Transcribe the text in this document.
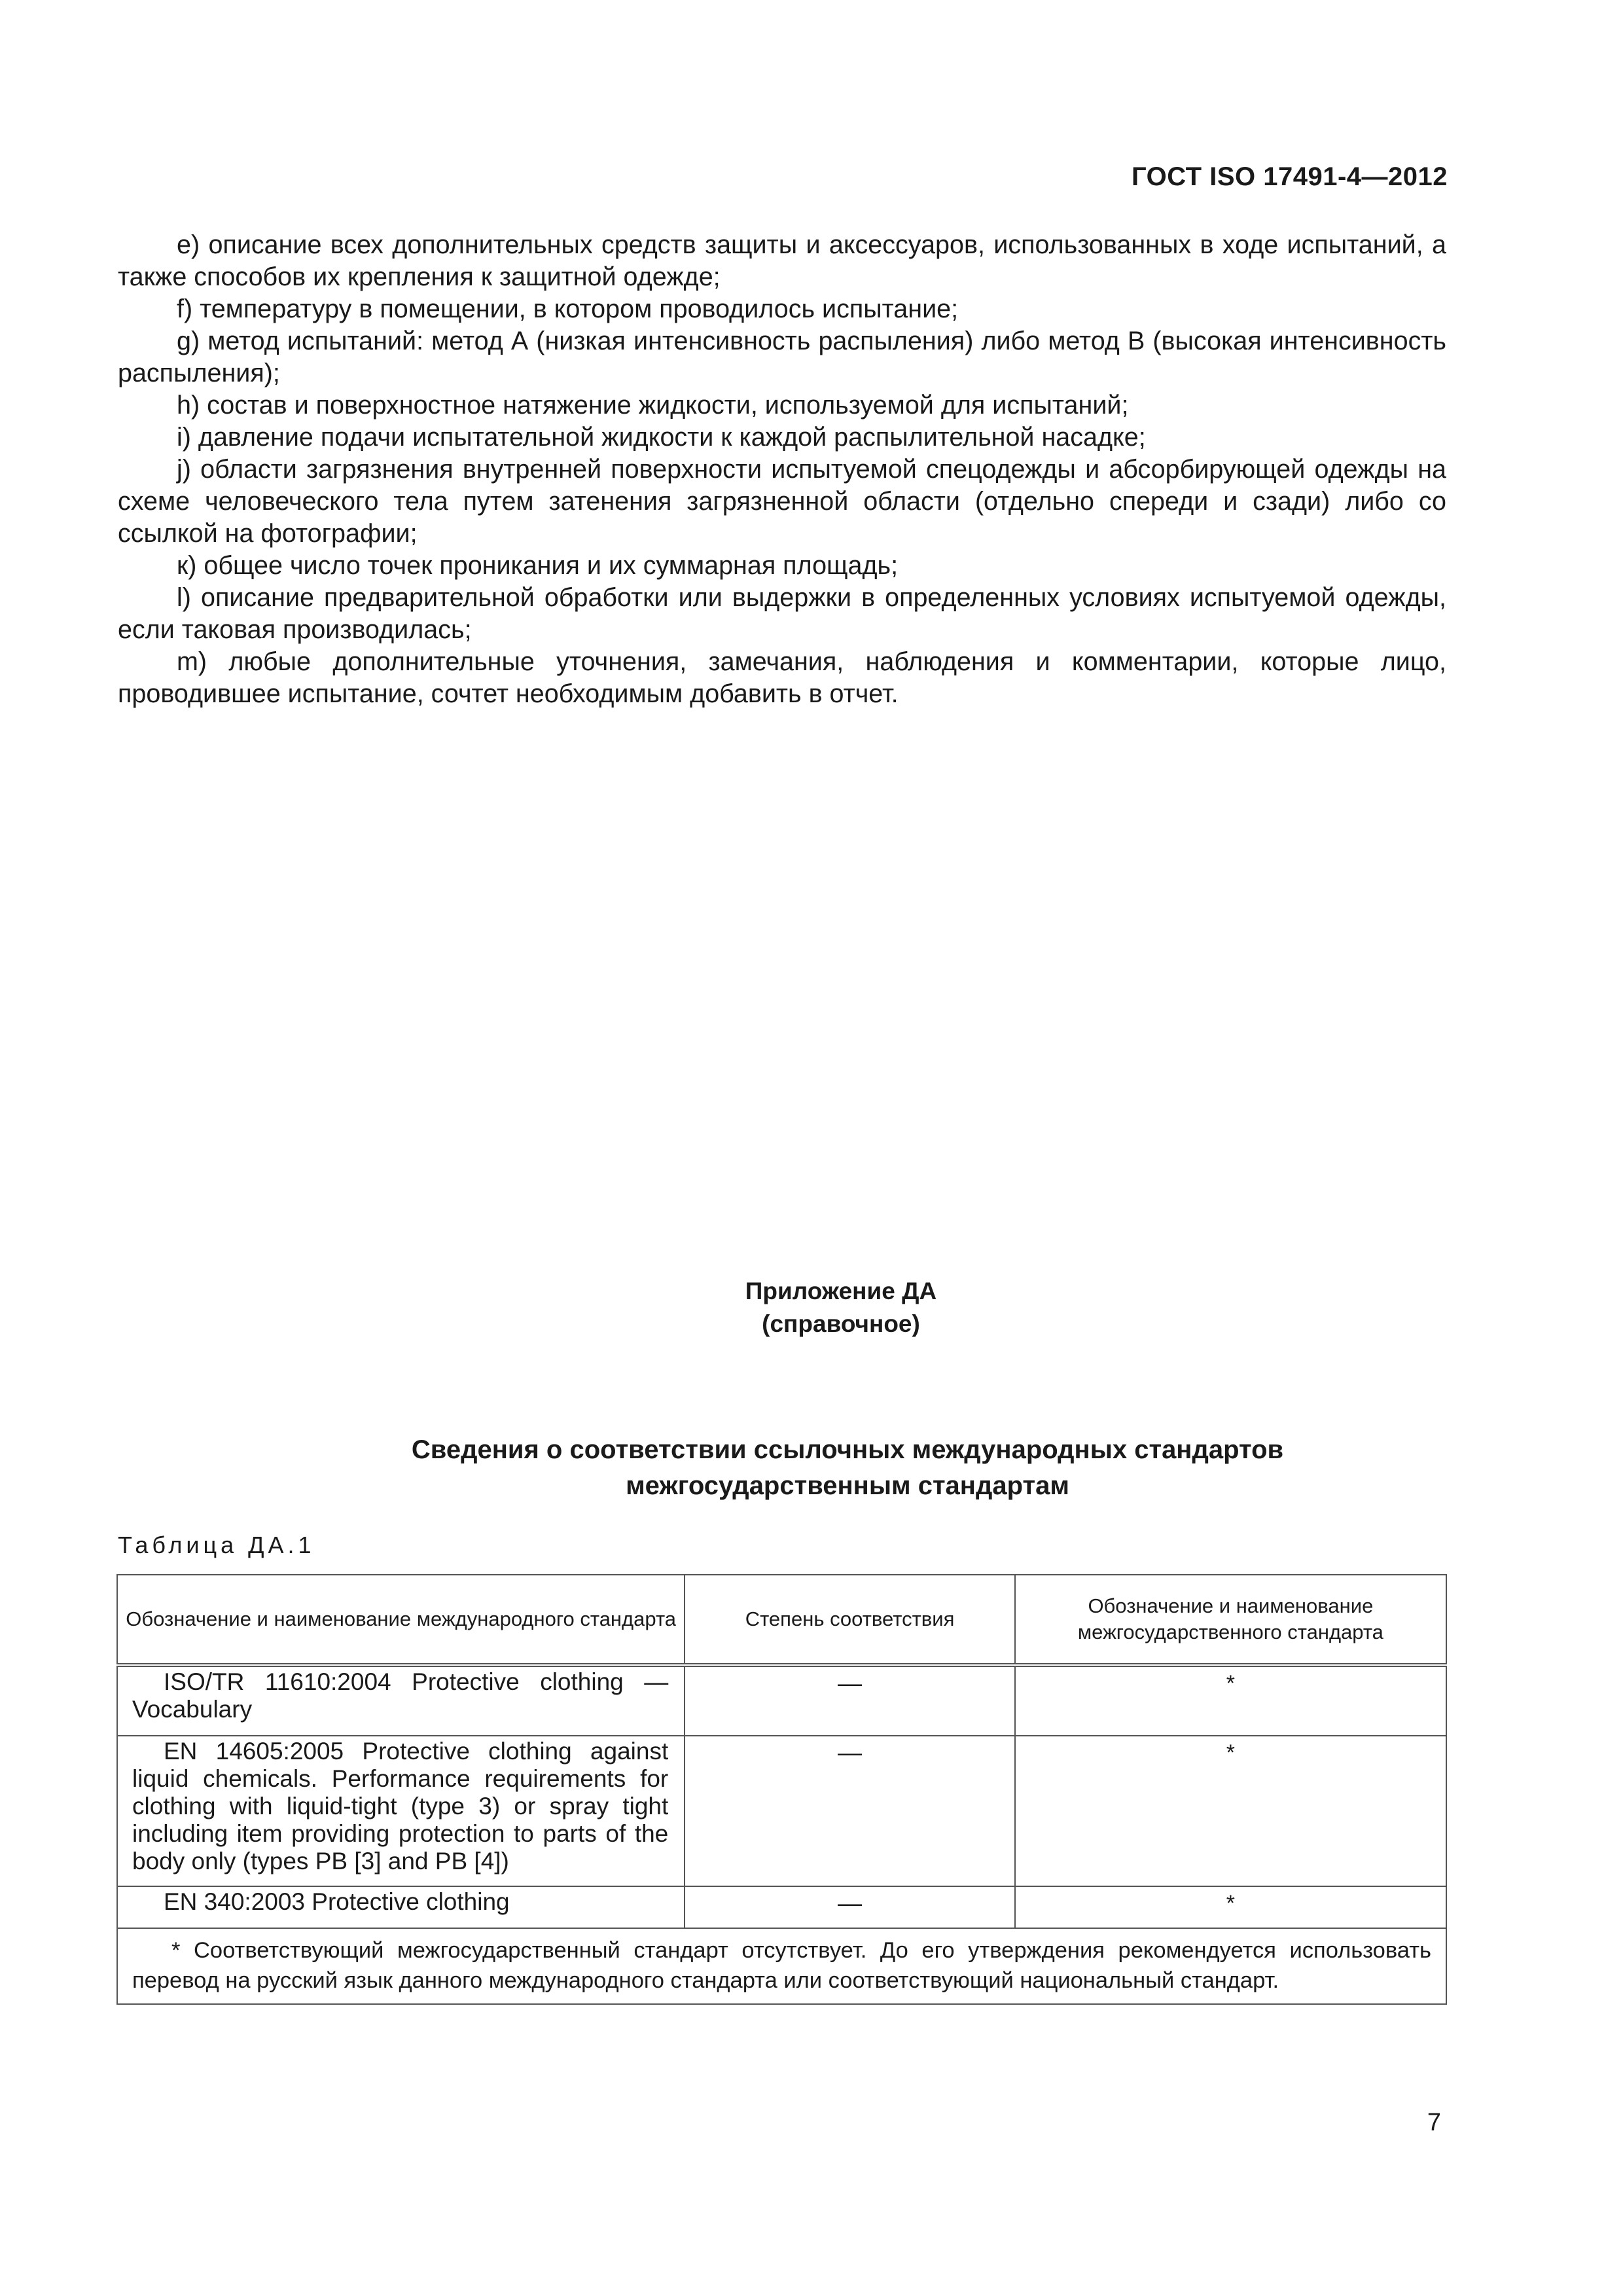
ГОСТ ISO 17491-4—2012

е) описание всех дополнительных средств защиты и аксессуаров, использованных в ходе испытаний, а также способов их крепления к защитной одежде;

f) температуру в помещении, в котором проводилось испытание;

g) метод испытаний: метод А (низкая интенсивность распыления) либо метод В (высокая интенсивность распыления);

h) состав и поверхностное натяжение жидкости, используемой для испытаний;

i) давление подачи испытательной жидкости к каждой распылительной насадке;

j) области загрязнения внутренней поверхности испытуемой спецодежды и абсорбирующей одежды на схеме человеческого тела путем затенения загрязненной области (отдельно спереди и сзади) либо со ссылкой на фотографии;

к) общее число точек проникания и их суммарная площадь;

l) описание предварительной обработки или выдержки в определенных условиях испытуемой одежды, если таковая производилась;

m) любые дополнительные уточнения, замечания, наблюдения и комментарии, которые лицо, проводившее испытание, сочтет необходимым добавить в отчет.

Приложение ДА
(справочное)
Сведения о соответствии ссылочных международных стандартов
межгосударственным стандартам
Таблица ДА.1
Обозначение и наименование международного стандарта	Степень соответствия	Обозначение и наименование межгосударственного стандарта
ISO/TR 11610:2004 Protective clothing — Vocabulary	—	*
EN 14605:2005 Protective clothing against liquid chemicals. Performance requirements for clothing with liquid-tight (type 3) or spray tight including item providing protection to parts of the body only (types PB [3] and PB [4])	—	*
EN 340:2003 Protective clothing	—	*
* Соответствующий межгосударственный стандарт отсутствует. До его утверждения рекомендуется использовать перевод на русский язык данного международного стандарта или соответствующий национальный стандарт.		
7
